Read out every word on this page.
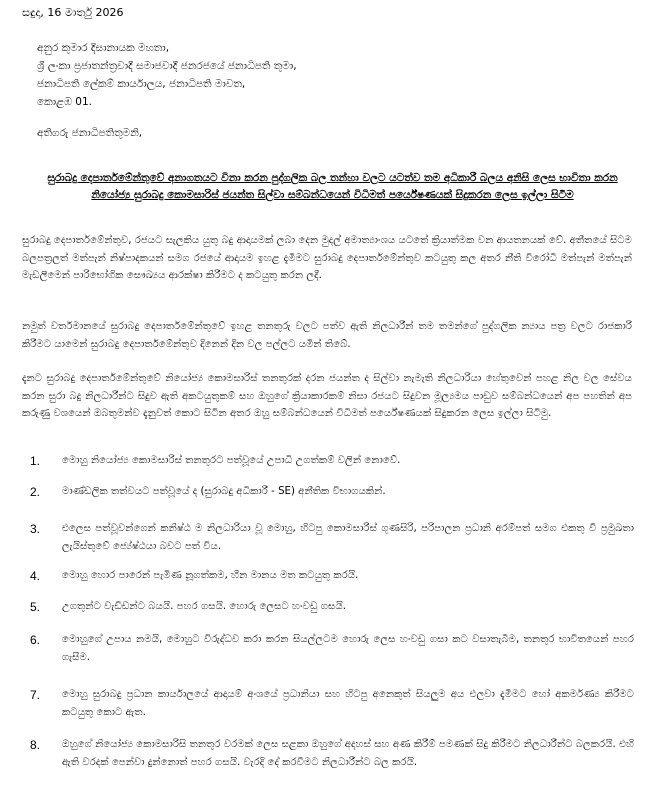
සඳුදා, 16 මාර්තු 2026
අනුර කුමාර දිසානායක මහතා,
ශ්‍රී ලංකා ප්‍රජාතන්ත්‍රවාදී සමාජවාදී ජනරජයේ ජනාධිපති තුමා,
ජනාධිපති ලේකම් කාර්යාලය, ජනාධිපති මාවත,
කොළඹ 01.
අතිගරු ජනාධිපතිතුමනි,
සුරාබදු දෙපාර්තමේන්තුවේ අනාගතයට විනා කරන පුද්ගලික බල තන්හා වලට යටත්ව තම අධිකාරී බලය අනිසි ලෙස භාවිතා කරන නියෝජ්‍ය සුරාබදු කොමසාරිස් ජයන්ත සිල්වා සම්බන්ධයෙන් විධිමත් පර්යේෂණයක් සිදුකරන ලෙස ඉල්ලා සිටීම
සුරාබදු දෙපාර්තමේන්තුව, රජයට සැලකිය යුතු බදු ආදායමක් ලබා දෙන මුදල් අමාත්‍යාංශය යටතේ ක්‍රියාත්මක වන ආයතනයක් වේ. අතීතයේ සිටම බලපත්‍රලත් මත්පැන් නිෂ්පාදකයන් සමග රජයේ ආදායම ඉහළ දැමීමට සුරාබදු දෙපාර්තමේන්තුව කටයුතු කල අතර නීති විරෝධී මත්පැන් මත්පැන් මැඩලීමෙන් පාරිභෝගික සෞඛ්‍යය ආරක්ෂා කිරීමට ද කටයුතු කරන ලදී.
නමුත් වර්තමානයේ සුරාබදු දෙපාර්තමේන්තුවේ ඉහළ තනතුරු වලට පත්ව ඇති නිලධාරීන් තම තමන්ගේ පුද්ගලික න්‍යාය පත්‍ර වලට රාජකාරි කිරීමට යාමෙන් සුරාබදු දෙපාර්තමේන්තුව දිනෙන් දින වල පල්ලට යමින් තිබේ.
දැනට සුරාබදු දෙපාර්තමේන්තුවේ නියෝජ්‍ය කොමසාරිස් තනතුරක් දරන ජයන්ත ද සිල්වා නැමැති නිලධාරියා හේතුවෙන් පහළ නිල වල සේවය කරන සුරා බදු නිලධාරීන්ට සිදුව ඇති අකටයුතුකම් සහ ඔහුගේ ක්‍රියාකාරකම් නිසා රජයට සිදුවන මූල්‍යමය පාඩුව සම්බන්ධයෙන් අප පහතින් අප කරුණු වශයෙන් ඔබතුමන්ව දැනුවත් කොට සිටින අතර ඔහු සම්බන්ධයෙන් විධිමත් පර්යේෂණයක් සිදුකරන ලෙස ඉල්ලා සිටිමු.
1.	මොහු නියෝජ්‍ය කොමසාරිස් තනතුරට පත්වූයේ උපාධි උගත්කම් වලින් නොවේ.
2.	මාණ්ඩලික තත්වයට පත්වූයේ ද (සුරාබදු අධිකාරී - SE) අනීතික විභාගයකින්.
3.	එලෙස පත්වූවන්ගෙන් කනිෂ්ඨ ම නිලධාරියා වූ මොහු, හිටපු කොමසාරිස් ගුණසිරි, පරිපාලන ප්‍රධානි අරම්පත් සමග එකතු වී ප්‍රමුඛතා ලැයිස්තුවේ ජ්‍යේෂ්ඨයා බවට පත් විය.
4.	මොහු හොර පාරෙන් පැමිණ නූගත්කම, හීන මානය මත කටයුතු කරයි.
5.	උගතුන්ට වැඩිඩන්ට බයයි. පහර ගසයි. හොරු ලෙසට හංවඩු ගසයි.
6.	මොහුගේ උපාය නමයි, මොහුට විරුද්ධව කරා කරන සියල්ලටම හොරු ලෙස හංවඩු ගසා කට වසාතැබීම, තනතුර භාවිතයෙන් පහර ගැසීම.
7.	මොහු සුරාබදු ප්‍රධාන කාර්යාලයේ ආදායම් අංශයේ ප්‍රධානියා සහ හිටපු අනෙකුත් සියලුම අය එලවා දැමීමට හෝ අකර්මණ්‍ය කිරීමට කටයුතු කොට ඇත.
8.	ඔහුගේ නියෝජ්‍ය කොමසාරිසි තනතුර වරමක් ලෙස සළකා ඔහුගේ අදහස් සහ අණ කිරීම් පමණක් සිදු කිරීමට නිලධාරීන්ට බලකරයි. එහි ඇති වරදක් පෙන්වා දුන්නොත් පහර ගසයි. වැරදි දේ කරවීමට නිලධාරීන්ට බල කරයි.
